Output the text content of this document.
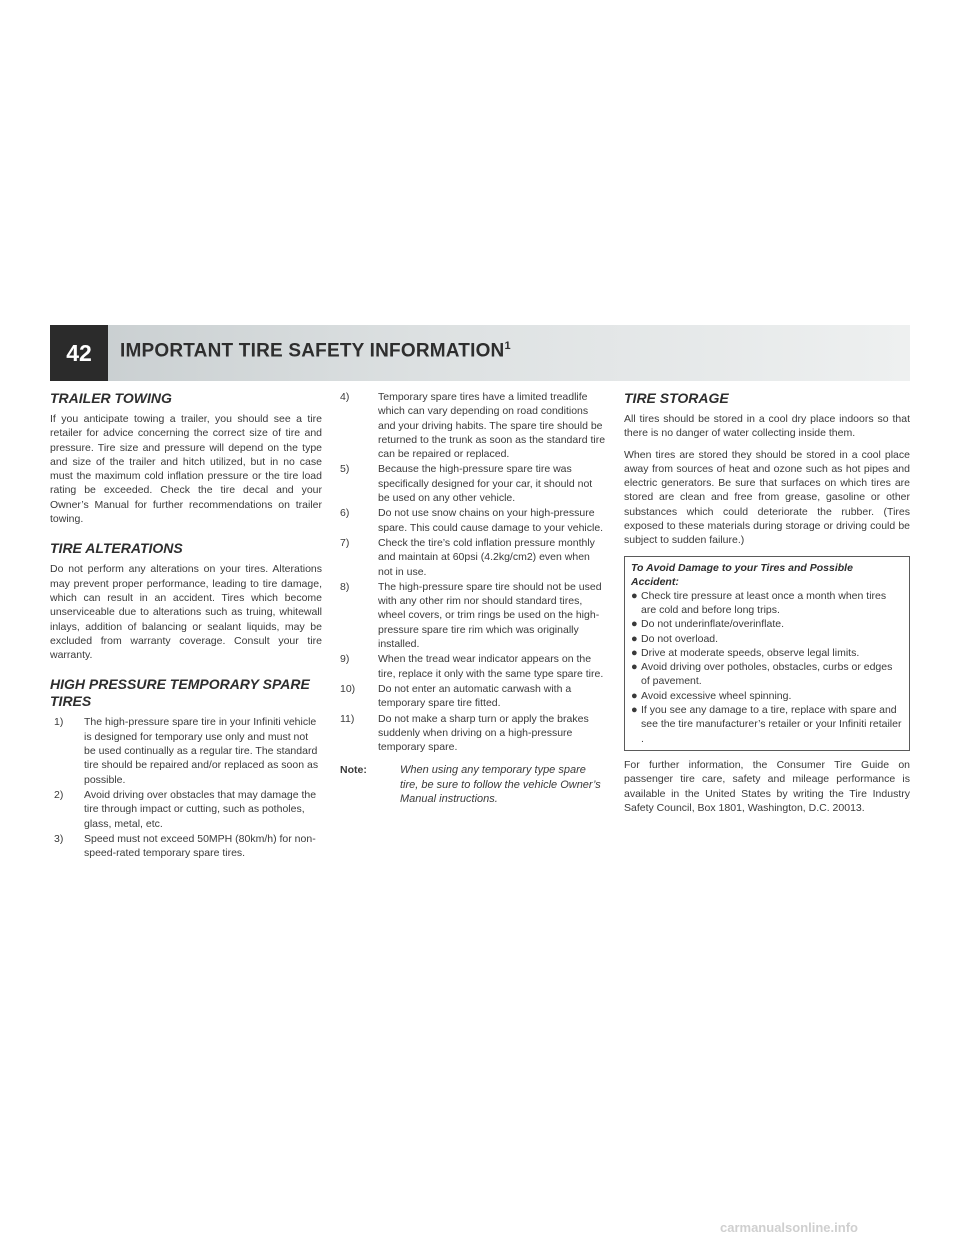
42	IMPORTANT TIRE SAFETY INFORMATION$^1$
TRAILER TOWING

If you anticipate towing a trailer, you should see a tire retailer for advice concerning the correct size of tire and pressure. Tire size and pressure will depend on the type and size of the trailer and hitch utilized, but in no case must the maximum cold inflation pressure or the tire load rating be exceeded. Check the tire decal and your Owner’s Manual for further recommendations on trailer towing.

TIRE ALTERATIONS

Do not perform any alterations on your tires. Alterations may prevent proper performance, leading to tire damage, which can result in an accident. Tires which become unserviceable due to alterations such as truing, whitewall inlays, addition of balancing or sealant liquids, may be excluded from warranty coverage. Consult your tire warranty.

HIGH PRESSURE TEMPORARY SPARE TIRES
1)	The high-pressure spare tire in your Infiniti vehicle is designed for temporary use only and must not be used continually as a regular tire. The standard tire should be repaired and/or replaced as soon as possible.
2)	Avoid driving over obstacles that may damage the tire through impact or cutting, such as potholes, glass, metal, etc.
3)	Speed must not exceed 50MPH (80km/h) for non-speed-rated temporary spare tires.
4)	Temporary spare tires have a limited treadlife which can vary depending on road conditions and your driving habits. The spare tire should be returned to the trunk as soon as the standard tire can be repaired or replaced.
5)	Because the high-pressure spare tire was specifically designed for your car, it should not be used on any other vehicle.
6)	Do not use snow chains on your high-pressure spare. This could cause damage to your vehicle.
7)	Check the tire’s cold inflation pressure monthly and maintain at 60psi (4.2kg/cm2) even when not in use.
8)	The high-pressure spare tire should not be used with any other rim nor should standard tires, wheel covers, or trim rings be used on the high-pressure spare tire rim which was originally installed.
9)	When the tread wear indicator appears on the tire, replace it only with the same type spare tire.
10)	Do not enter an automatic carwash with a temporary spare tire fitted.
11)	Do not make a sharp turn or apply the brakes suddenly when driving on a high-pressure temporary spare.
Note:	When using any temporary type spare tire, be sure to follow the vehicle Owner’s Manual instructions.
TIRE STORAGE

All tires should be stored in a cool dry place indoors so that there is no danger of water collecting inside them.

When tires are stored they should be stored in a cool place away from sources of heat and ozone such as hot pipes and electric generators. Be sure that surfaces on which tires are stored are clean and free from grease, gasoline or other substances which could deteriorate the rubber. (Tires exposed to these materials during storage or driving could be subject to sudden failure.)

To Avoid Damage to your Tires and Possible Accident:
● Check tire pressure at least once a month when tires are cold and before long trips.
● Do not underinflate/overinflate.
● Do not overload.
● Drive at moderate speeds, observe legal limits.
● Avoid driving over potholes, obstacles, curbs or edges of pavement.
● Avoid excessive wheel spinning.
● If you see any damage to a tire, replace with spare and see the tire manufacturer’s retailer or your Infiniti retailer .

For further information, the Consumer Tire Guide on passenger tire care, safety and mileage performance is available in the United States by writing the Tire Industry Safety Council, Box 1801, Washington, D.C. 20013.

carmanualsonline.info
